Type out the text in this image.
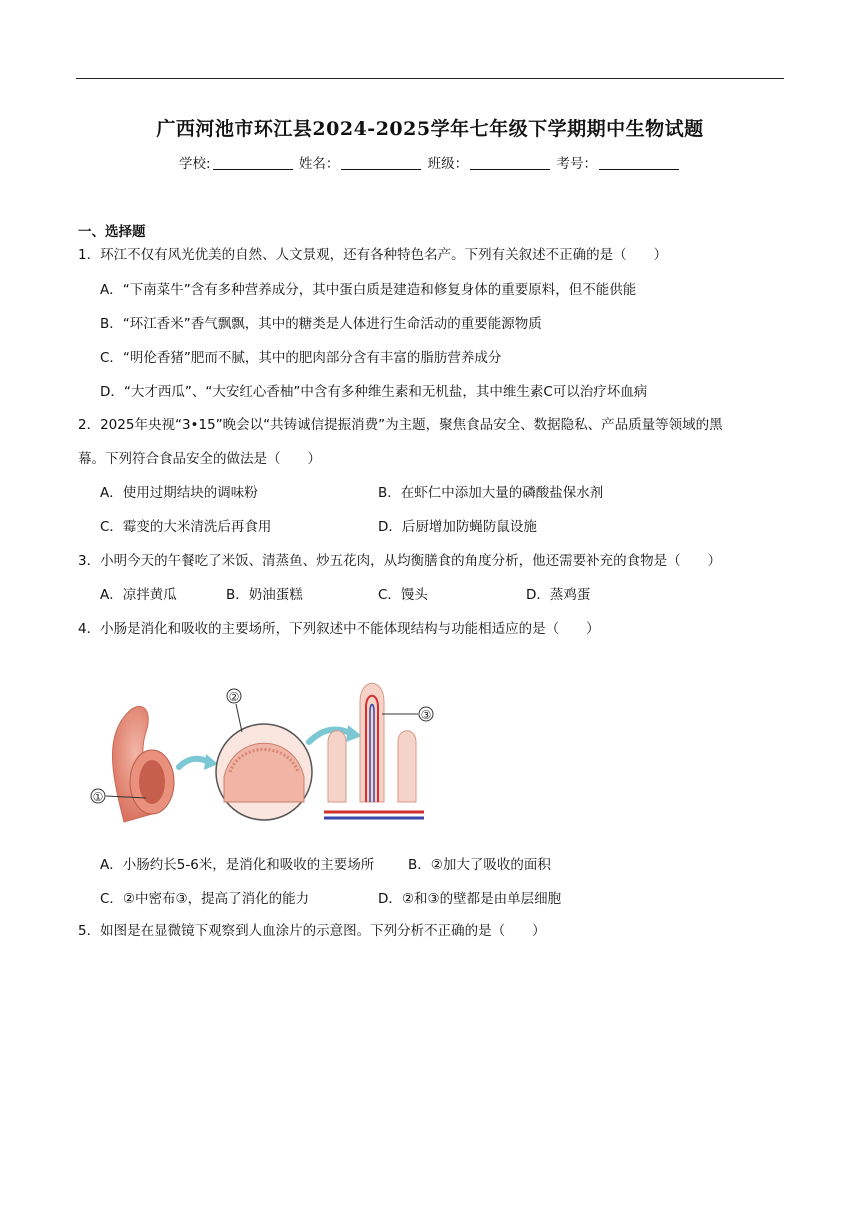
广西河池市环江县2024-2025学年七年级下学期期中生物试题
学校:	姓名：	班级：	考号：
一、选择题
1．环江不仅有风光优美的自然、人文景观，还有各种特色名产。下列有关叙述不正确的是（　　）
A．“下南菜牛”含有多种营养成分，其中蛋白质是建造和修复身体的重要原料，但不能供能
B．“环江香米”香气飘飘，其中的糖类是人体进行生命活动的重要能源物质
C．“明伦香猪”肥而不腻，其中的肥肉部分含有丰富的脂肪营养成分
D．“大才西瓜”、“大安红心香柚”中含有多种维生素和无机盐，其中维生素C可以治疗坏血病
2．2025年央视“3•15”晚会以“共铸诚信提振消费”为主题，聚焦食品安全、数据隐私、产品质量等领域的黑
幕。下列符合食品安全的做法是（　　）
A．使用过期结块的调味粉	B．在虾仁中添加大量的磷酸盐保水剂
C．霉变的大米清洗后再食用	D．后厨增加防蝇防鼠设施
3．小明今天的午餐吃了米饭、清蒸鱼、炒五花肉，从均衡膳食的角度分析，他还需要补充的食物是（　　）
A．凉拌黄瓜	B．奶油蛋糕	C．馒头	D．蒸鸡蛋
4．小肠是消化和吸收的主要场所，下列叙述中不能体现结构与功能相适应的是（　　）
①
②
③
A．小肠约长5-6米，是消化和吸收的主要场所 B．②加大了吸收的面积
C．②中密布③，提高了消化的能力	D．②和③的壁都是由单层细胞
5．如图是在显微镜下观察到人血涂片的示意图。下列分析不正确的是（　　）
